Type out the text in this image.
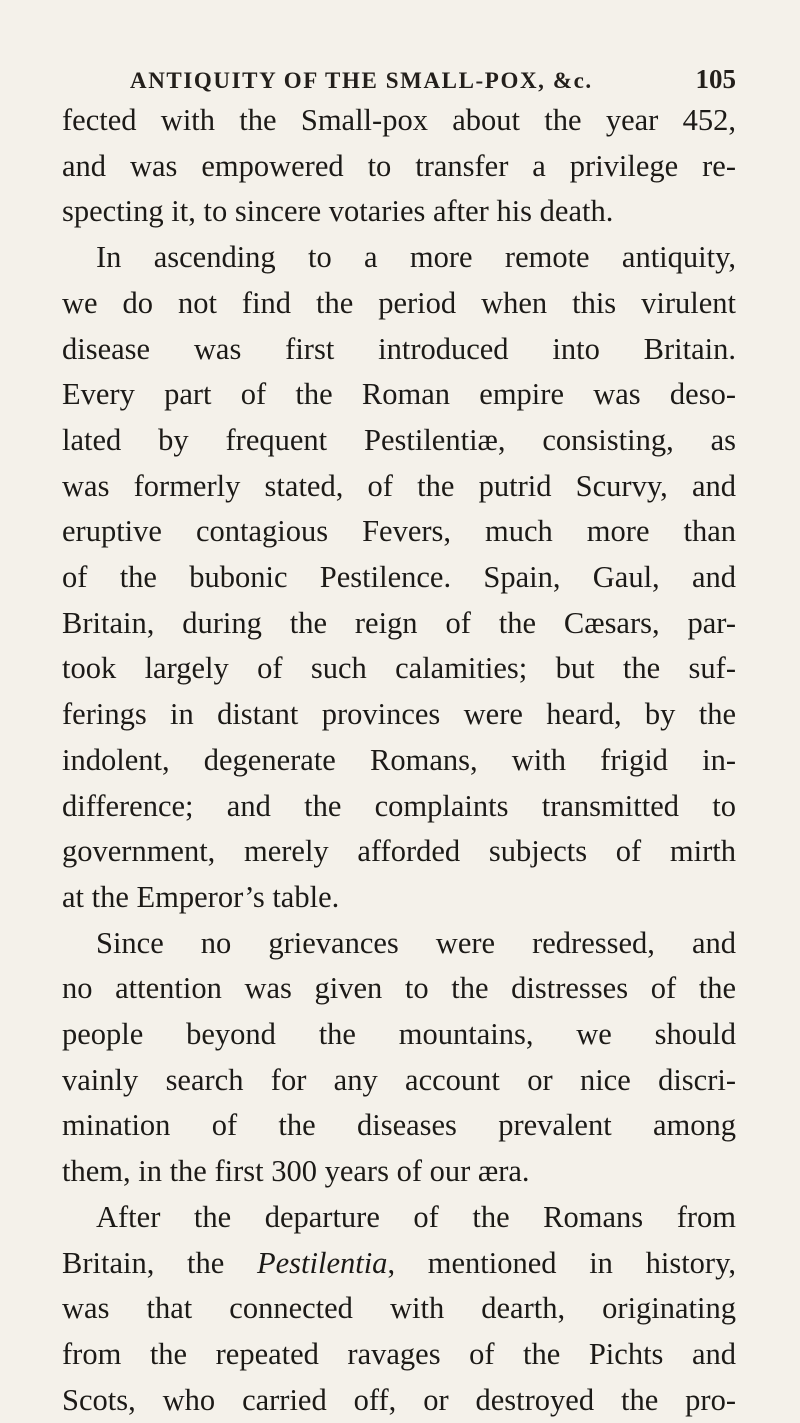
ANTIQUITY OF THE SMALL-POX, &c.	105
fected with the Small-pox about the year 452,
and was empowered to transfer a privilege re-
specting it, to sincere votaries after his death.
In ascending to a more remote antiquity,
we do not find the period when this virulent
disease was first introduced into Britain.
Every part of the Roman empire was deso-
lated by frequent Pestilentiæ, consisting, as
was formerly stated, of the putrid Scurvy, and
eruptive contagious Fevers, much more than
of the bubonic Pestilence. Spain, Gaul, and
Britain, during the reign of the Cæsars, par-
took largely of such calamities; but the suf-
ferings in distant provinces were heard, by the
indolent, degenerate Romans, with frigid in-
difference; and the complaints transmitted to
government, merely afforded subjects of mirth
at the Emperor’s table.
Since no grievances were redressed, and
no attention was given to the distresses of the
people beyond the mountains, we should
vainly search for any account or nice discri-
mination of the diseases prevalent among
them, in the first 300 years of our æra.
After the departure of the Romans from
Britain, the Pestilentia, mentioned in history,
was that connected with dearth, originating
from the repeated ravages of the Pichts and
Scots, who carried off, or destroyed the pro-
